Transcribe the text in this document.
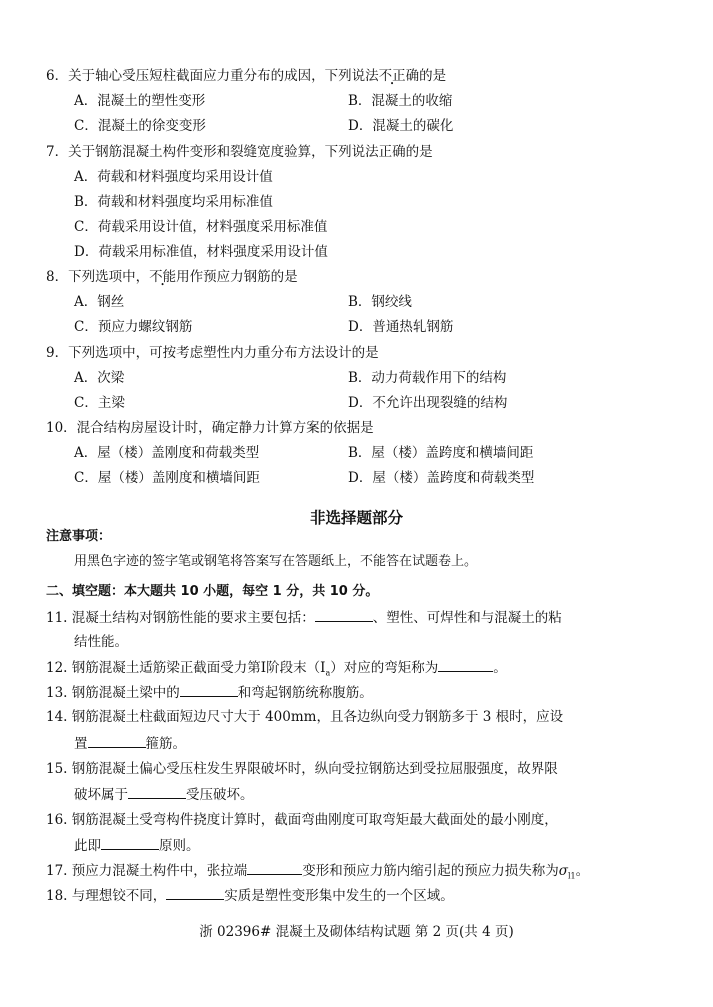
6．关于轴心受压短柱截面应力重分布的成因，下列说法不正确的是
A．混凝土的塑性变形	B．混凝土的收缩
C．混凝土的徐变变形	D．混凝土的碳化
7．关于钢筋混凝土构件变形和裂缝宽度验算，下列说法正确的是
A．荷载和材料强度均采用设计值
B．荷载和材料强度均采用标准值
C．荷载采用设计值，材料强度采用标准值
D．荷载采用标准值，材料强度采用设计值
8．下列选项中，不能用作预应力钢筋的是
A．钢丝	B．钢绞线
C．预应力螺纹钢筋	D．普通热轧钢筋
9．下列选项中，可按考虑塑性内力重分布方法设计的是
A．次梁	B．动力荷载作用下的结构
C．主梁	D．不允许出现裂缝的结构
10．混合结构房屋设计时，确定静力计算方案的依据是
A．屋（楼）盖刚度和荷载类型	B．屋（楼）盖跨度和横墙间距
C．屋（楼）盖刚度和横墙间距	D．屋（楼）盖跨度和荷载类型
非选择题部分
注意事项：
用黑色字迹的签字笔或钢笔将答案写在答题纸上，不能答在试题卷上。
二、填空题：本大题共 10 小题，每空 1 分，共 10 分。
11. 混凝土结构对钢筋性能的要求主要包括：	、塑性、可焊性和与混凝土的粘
结性能。
12. 钢筋混凝土适筋梁正截面受力第Ⅰ阶段末$(I_a)$对应的弯矩称为	。
13. 钢筋混凝土梁中的	和弯起钢筋统称腹筋。
14. 钢筋混凝土柱截面短边尺寸大于 400mm，且各边纵向受力钢筋多于 3 根时，应设
置	箍筋。
15. 钢筋混凝土偏心受压柱发生界限破坏时，纵向受拉钢筋达到受拉屈服强度，故界限
破坏属于	受压破坏。
16. 钢筋混凝土受弯构件挠度计算时，截面弯曲刚度可取弯矩最大截面处的最小刚度，
此即	原则。
17. 预应力混凝土构件中，张拉端	变形和预应力筋内缩引起的预应力损失称为$\sigma_{l1}$。
18. 与理想铰不同，	实质是塑性变形集中发生的一个区域。
浙 02396# 混凝土及砌体结构试题 第 2 页(共 4 页)
